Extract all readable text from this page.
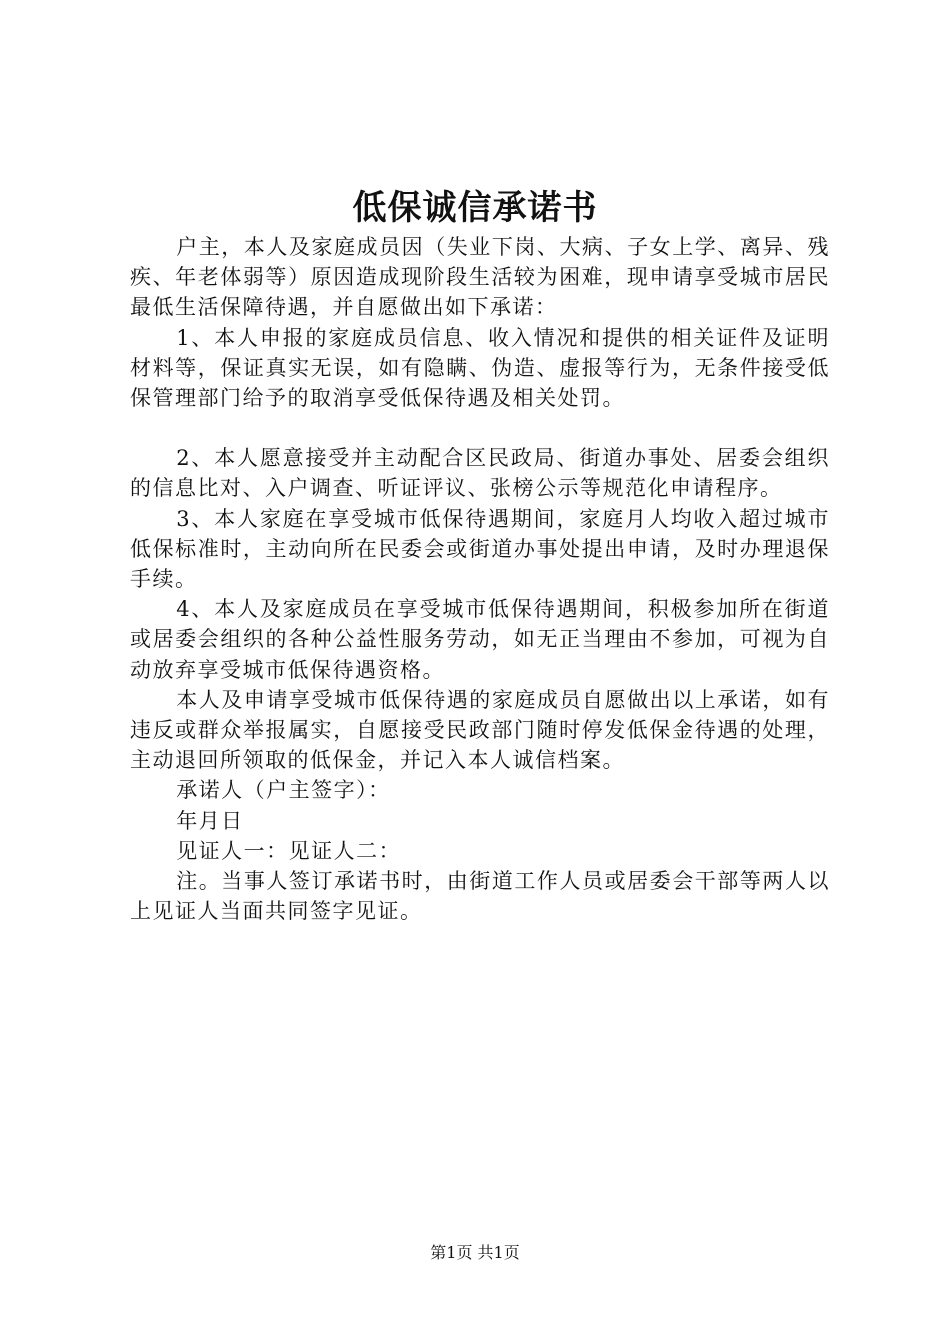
低保诚信承诺书

户主，本人及家庭成员因（失业下岗、大病、子女上学、离异、残疾、年老体弱等）原因造成现阶段生活较为困难，现申请享受城市居民最低生活保障待遇，并自愿做出如下承诺：

1、本人申报的家庭成员信息、收入情况和提供的相关证件及证明材料等，保证真实无误，如有隐瞒、伪造、虚报等行为，无条件接受低保管理部门给予的取消享受低保待遇及相关处罚。

2、本人愿意接受并主动配合区民政局、街道办事处、居委会组织的信息比对、入户调查、听证评议、张榜公示等规范化申请程序。

3、本人家庭在享受城市低保待遇期间，家庭月人均收入超过城市低保标准时，主动向所在民委会或街道办事处提出申请，及时办理退保手续。

4、本人及家庭成员在享受城市低保待遇期间，积极参加所在街道或居委会组织的各种公益性服务劳动，如无正当理由不参加，可视为自动放弃享受城市低保待遇资格。

本人及申请享受城市低保待遇的家庭成员自愿做出以上承诺，如有违反或群众举报属实，自愿接受民政部门随时停发低保金待遇的处理，主动退回所领取的低保金，并记入本人诚信档案。

承诺人（户主签字）：

年月日

见证人一：见证人二：

注。当事人签订承诺书时，由街道工作人员或居委会干部等两人以上见证人当面共同签字见证。

第1页 共1页
